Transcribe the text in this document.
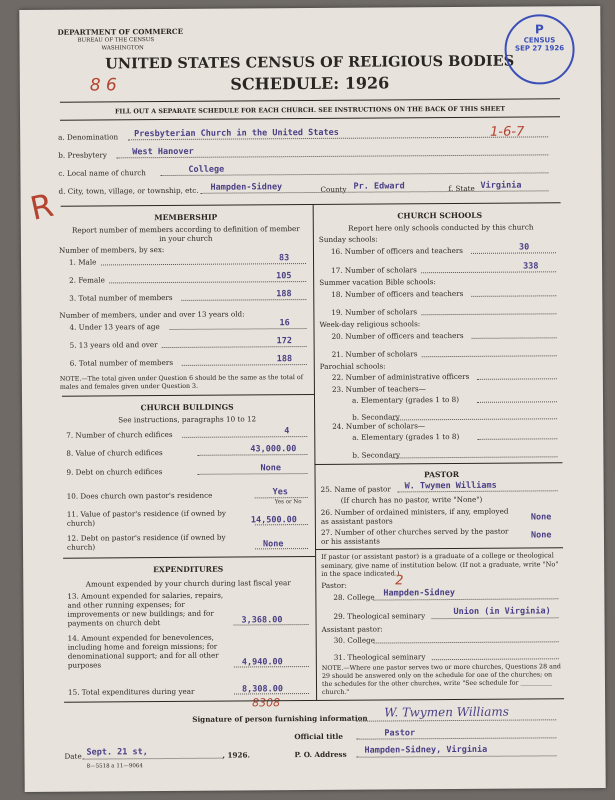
DEPARTMENT OF COMMERCE
BUREAU OF THE CENSUS
WASHINGTON
UNITED STATES CENSUS OF RELIGIOUS BODIES
SCHEDULE: 1926
8 6
FILL OUT A SEPARATE SCHEDULE FOR EACH CHURCH. SEE INSTRUCTIONS ON THE BACK OF THIS SHEET
P
CENSUS
SEP 27 1926
a. Denomination Presbyterian Church in the United States	1-6-7
b. Presbytery	West Hanover
c. Local name of church	College
d. City, town, village, or township, etc. Hampden-Sidney	County Pr. Edward	f. State Virginia
R	MEMBERSHIP
Report number of members according to definition of member in your church
Number of members, by sex:
1. Male	83
2. Female	105
3. Total number of members	188
Number of members, under and over 13 years old:
4. Under 13 years of age	16
5. 13 years old and over	172
6. Total number of members	188
NOTE.—The total given under Question 6 should be the same as the total of males and females given under Question 3.
CHURCH BUILDINGS
See instructions, paragraphs 10 to 12
7. Number of church edifices	4
8. Value of church edifices	43,000.00
9. Debt on church edifices	None
10. Does church own pastor's residence	Yes
Yes or No
11. Value of pastor's residence (if owned by church)	14,500.00
12. Debt on pastor's residence (if owned by church)	None
EXPENDITURES
Amount expended by your church during last fiscal year
13. Amount expended for salaries, repairs, and other running expenses; for improvements or new buildings; and for payments on church debt	3,368.00
14. Amount expended for benevolences, including home and foreign missions; for denominational support; and for all other purposes	4,940.00
15. Total expenditures during year	8,308.00
8308
CHURCH SCHOOLS
Report here only schools conducted by this church
Sunday schools:
16. Number of officers and teachers	30
17. Number of scholars	338
Summer vacation Bible schools:
18. Number of officers and teachers
19. Number of scholars
Week-day religious schools:
20. Number of officers and teachers
21. Number of scholars
Parochial schools:
22. Number of administrative officers
23. Number of teachers—
a. Elementary (grades 1 to 8)
b. Secondary
24. Number of scholars—
a. Elementary (grades 1 to 8)
b. Secondary
PASTOR
25. Name of pastor W. Twymen Williams
(If church has no pastor, write "None")
26. Number of ordained ministers, if any, employed as assistant pastors	None
27. Number of other churches served by the pastor or his assistants
None
If pastor (or assistant pastor) is a graduate of a college or theological seminary, give name of institution below. (If not a graduate, write "No" in the space indicated.)
Pastor:
28. College Hampden-Sidney
2
29. Theological seminary	Union (in Virginia)
Assistant pastor:
30. College
31. Theological seminary
NOTE.—Where one pastor serves two or more churches, Questions 28 and 29 should be answered only on the schedule for one of the churches; on the schedules for the other churches, write "See schedule for __________ church."
Signature of person furnishing information W. Twymen Williams
Official title	Pastor
Date Sept. 21 st,	, 1926.	P. O. Address Hampden-Sidney, Virginia
8—5518 a 11—9064
